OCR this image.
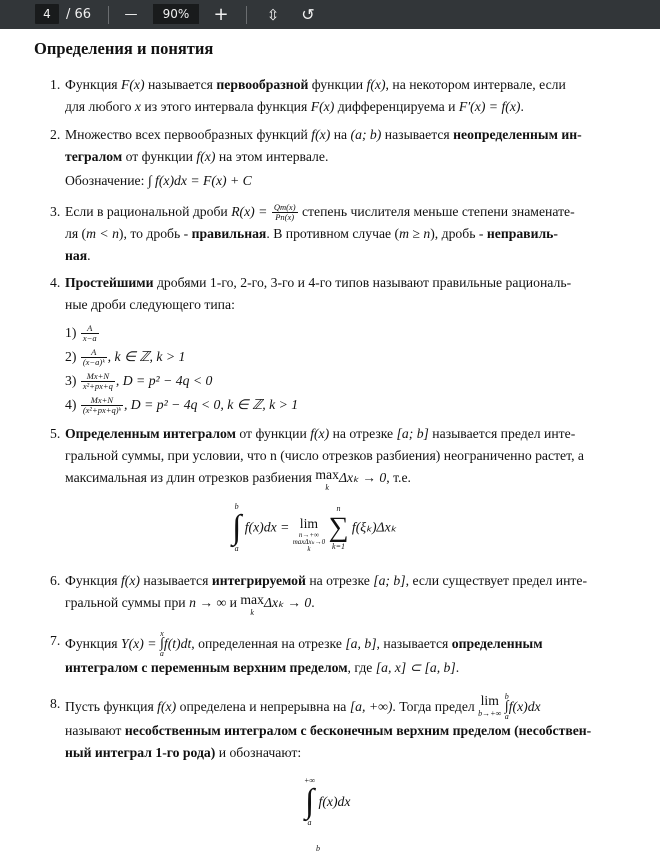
4	/ 66	—	90%	+	⇳ ↺
Определения и понятия
1. Функция F(x) называется первообразной функции f(x), на некотором интервале, если
для любого x из этого интервала функция F(x) дифференцируема и F′(x) = f(x).
2. Множество всех первообразных функций f(x) на (a; b) называется неопределенным ин-
тегралом от функции f(x) на этом интервале.
Обозначение: ∫ f(x)dx = F(x) + C
3. Если в рациональной дроби $R(x) = \frac{Qm(x)}{Pn(x)}$ степень числителя меньше степени знаменате-
ля (m < n), то дробь - правильная. В противном случае (m ≥ n), дробь - неправиль-
ная.
4. Простейшими дробями 1-го, 2-го, 3-го и 4-го типов называют правильные рациональ-
ные дроби следующего типа:
$1) \frac{A}{x-a}$
$2) \frac{A}{\text{(x−a)ᵏ}}$ , k ∈ ℤ, k > 1
$3) \frac{Mx+N}{\text{x²+px+q}}$ , D = p² − 4q < 0
$4) \frac{Mx+N}{\text{(x²+px+q)ᵏ}}$ , D = p² − 4q < 0, k ∈ ℤ, k > 1
5. Определенным интегралом от функции f(x) на отрезке [a; b] называется предел инте-
гральной суммы, при условии, что n (число отрезков разбиения) неограниченно растет, а
максимальная из длин отрезков разбиения max
k
Δxₖ → 0, т.е.
b
∫
a
f(x)dx = lim
n→+∞
maxΔxₖ→0
k

n
∑
k=1
f(ξₖ)Δxₖ
6. Функция f(x) называется интегрируемой на отрезке [a; b], если существует предел инте-
гральной суммы при n → ∞ и max
k
Δxₖ → 0.
7. Функция Y(x) =
x
∫
a
f(t)dt, определенная на отрезке [a, b], называется определенным
интегралом с переменным верхним пределом, где [a, x] ⊂ [a, b].
8. Пусть функция f(x) определена и непрерывна на [a, +∞). Тогда предел lim
b→+∞

b
∫
a
f(x)dx
называют несобственным интегралом с бесконечным верхним пределом (несобствен-
ный интеграл 1-го рода) и обозначают:
+∞
∫
a
f(x)dx
b
